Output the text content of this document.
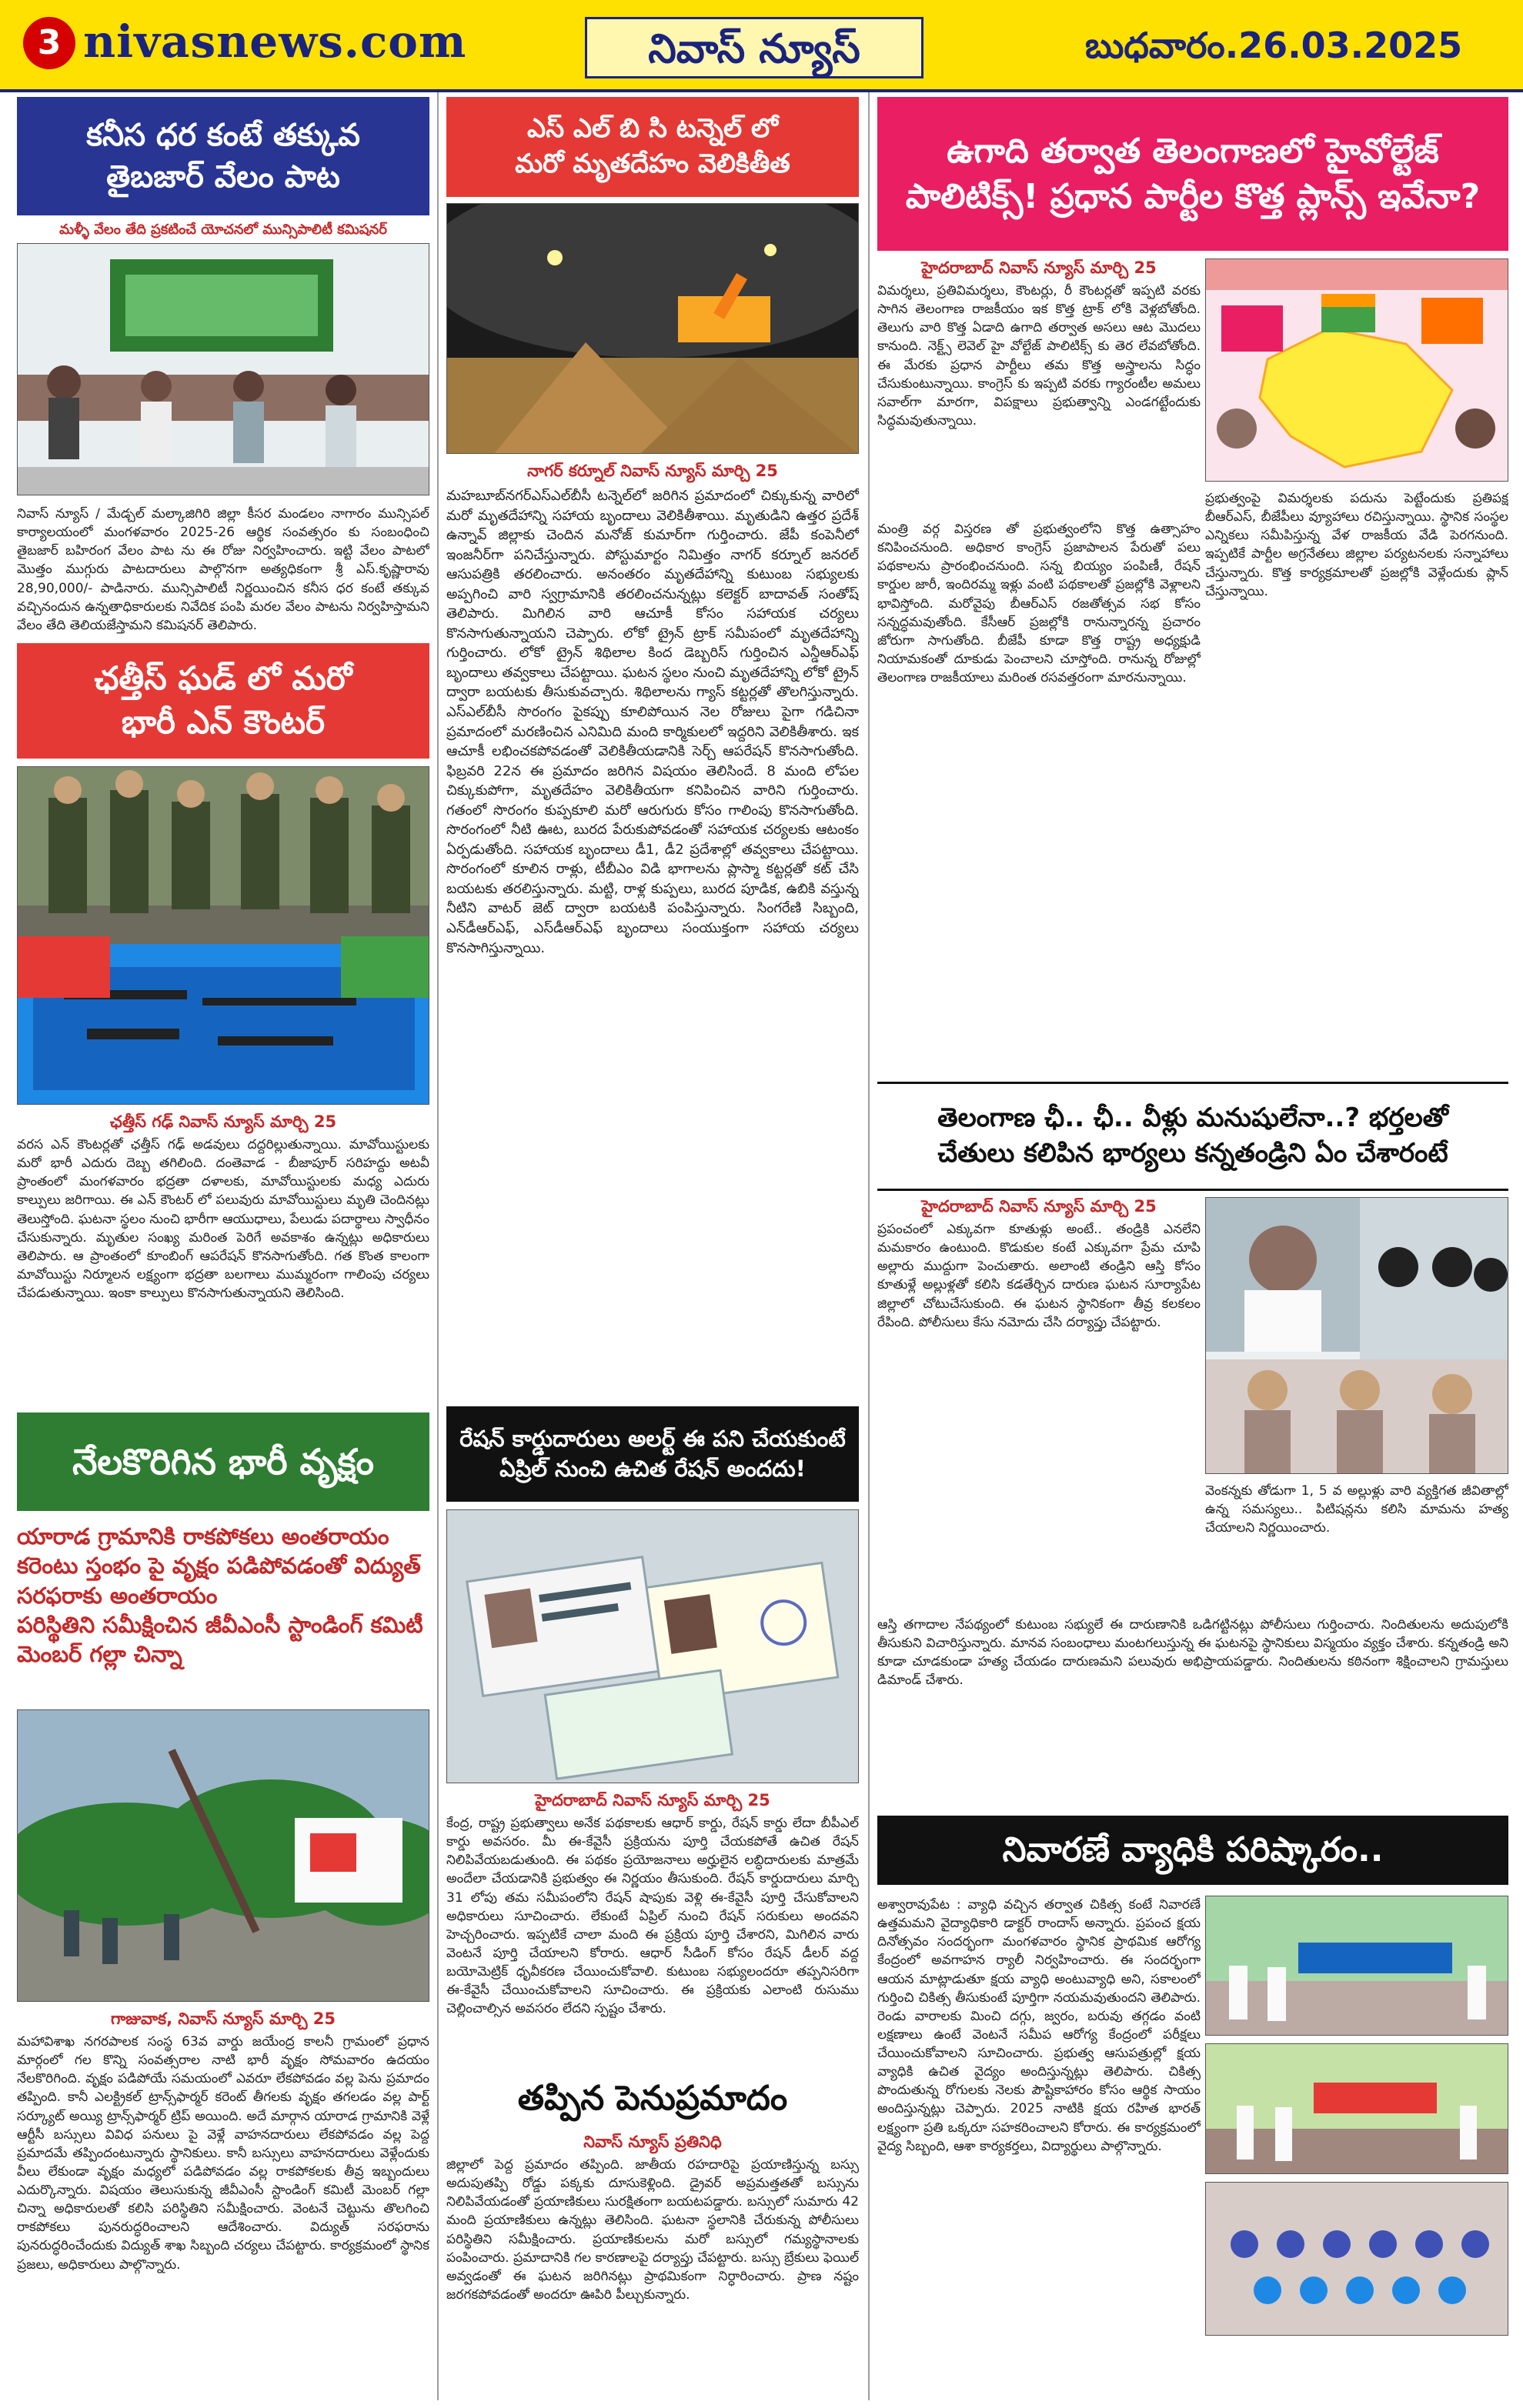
3 nivasnews.com	నివాస్ న్యూస్	బుధవారం.26.03.2025
కనీస ధర కంటే తక్కువ
తైబజార్ వేలం పాట
మళ్ళీ వేలం తేది ప్రకటించే యోచనలో మున్సిపాలిటీ కమిషనర్
నివాస్ న్యూస్ / మేడ్చల్ మల్కాజిగిరి జిల్లా కీసర మండలం నాగారం మున్సిపల్ కార్యాలయంలో మంగళవారం 2025-26 ఆర్థిక సంవత్సరం కు సంబంధించి తైబజార్ బహిరంగ వేలం పాట ను ఈ రోజు నిర్వహించారు. ఇట్టి వేలం పాటలో మొత్తం ముగ్గురు పాటదారులు పాల్గొనగా అత్యధికంగా శ్రీ ఎస్.కృష్ణారావు 28,90,000/- పాడినారు. మున్సిపాలిటీ నిర్ణయించిన కనీస ధర కంటే తక్కువ వచ్చినందున ఉన్నతాధికారులకు నివేదిక పంపి మరల వేలం పాటను నిర్వహిస్తామని వేలం తేది తెలియజేస్తామని కమిషనర్ తెలిపారు.
ఛత్తీస్ ఘడ్ లో మరో
భారీ ఎన్ కౌంటర్
ఛత్తీస్ గఢ్ నివాస్ న్యూస్ మార్చి 25
వరస ఎన్ కౌంటర్లతో ఛత్తీస్ గఢ్ అడవులు దద్దరిల్లుతున్నాయి. మావోయిస్టులకు మరో భారీ ఎదురు దెబ్బ తగిలింది. దంతెవాడ - బీజాపూర్ సరిహద్దు అటవీ ప్రాంతంలో మంగళవారం భద్రతా దళాలకు, మావోయిస్టులకు మధ్య ఎదురు కాల్పులు జరిగాయి. ఈ ఎన్ కౌంటర్ లో పలువురు మావోయిస్టులు మృతి చెందినట్లు తెలుస్తోంది. ఘటనా స్థలం నుంచి భారీగా ఆయుధాలు, పేలుడు పదార్థాలు స్వాధీనం చేసుకున్నారు. మృతుల సంఖ్య మరింత పెరిగే అవకాశం ఉన్నట్లు అధికారులు తెలిపారు. ఆ ప్రాంతంలో కూంబింగ్ ఆపరేషన్ కొనసాగుతోంది. గత కొంత కాలంగా మావోయిస్టు నిర్మూలన లక్ష్యంగా భద్రతా బలగాలు ముమ్మరంగా గాలింపు చర్యలు చేపడుతున్నాయి. ఇంకా కాల్పులు కొనసాగుతున్నాయని తెలిసింది.
నేలకొరిగిన భారీ వృక్షం
యారాడ గ్రామానికి రాకపోకలు అంతరాయం
కరెంటు స్తంభం పై వృక్షం పడిపోవడంతో విద్యుత్ సరఫరాకు అంతరాయం
పరిస్థితిని సమీక్షించిన జీవీఎంసీ స్టాండింగ్ కమిటీ మెంబర్ గల్లా చిన్నా
గాజువాక, నివాస్ న్యూస్ మార్చి 25
మహావిశాఖ నగరపాలక సంస్థ 63వ వార్డు జయేంద్ర కాలనీ గ్రామంలో ప్రధాన మార్గంలో గల కొన్ని సంవత్సరాల నాటి భారీ వృక్షం సోమవారం ఉదయం నేలకొరిగింది. వృక్షం పడిపోయే సమయంలో ఎవరూ లేకపోవడం వల్ల పెను ప్రమాదం తప్పింది. కానీ ఎలక్ట్రికల్ ట్రాన్స్‌ఫార్మర్ కరెంట్ తీగలకు వృక్షం తగలడం వల్ల పార్ట్ సర్క్యూట్ అయ్యి ట్రాన్స్‌ఫార్మర్ ట్రిప్ అయింది. అదే మార్గాన యారాడ గ్రామానికి వెళ్లే ఆర్టీసీ బస్సులు వివిధ పనులు పై వెళ్లే వాహనదారులు లేకపోవడం వల్ల పెద్ద ప్రమాదమే తప్పిందంటున్నారు స్థానికులు. కానీ బస్సులు వాహనదారులు వెళ్లేందుకు వీలు లేకుండా వృక్షం మధ్యలో పడిపోవడం వల్ల రాకపోకలకు తీవ్ర ఇబ్బందులు ఎదుర్కొన్నారు. విషయం తెలుసుకున్న జీవీఎంసీ స్టాండింగ్ కమిటీ మెంబర్ గల్లా చిన్నా అధికారులతో కలిసి పరిస్థితిని సమీక్షించారు. వెంటనే చెట్టును తొలగించి రాకపోకలు పునరుద్ధరించాలని ఆదేశించారు. విద్యుత్ సరఫరాను పునరుద్ధరించేందుకు విద్యుత్ శాఖ సిబ్బంది చర్యలు చేపట్టారు. కార్యక్రమంలో స్థానిక ప్రజలు, అధికారులు పాల్గొన్నారు.
ఎస్ ఎల్ బి సి టన్నెల్ లో
మరో మృతదేహం వెలికితీత
నాగర్ కర్నూల్ నివాస్ న్యూస్ మార్చి 25
మహబూబ్‌నగర్‌ఎస్‌ఎల్‌బీసీ టన్నెల్‌లో జరిగిన ప్రమాదంలో చిక్కుకున్న వారిలో మరో మృతదేహాన్ని సహాయ బృందాలు వెలికితీశాయి. మృతుడిని ఉత్తర ప్రదేశ్ ఉన్నావ్ జిల్లాకు చెందిన మనోజ్ కుమార్‌గా గుర్తించారు. జేపీ కంపెనీలో ఇంజనీర్‌గా పనిచేస్తున్నారు. పోస్టుమార్టం నిమిత్తం నాగర్ కర్నూల్ జనరల్ ఆసుపత్రికి తరలించారు. అనంతరం మృతదేహాన్ని కుటుంబ సభ్యులకు అప్పగించి వారి స్వగ్రామానికి తరలించనున్నట్లు కలెక్టర్ బాదావత్ సంతోష్ తెలిపారు. మిగిలిన వారి ఆచూకీ కోసం సహాయక చర్యలు కొనసాగుతున్నాయని చెప్పారు. లోకో ట్రైన్ ట్రాక్ సమీపంలో మృతదేహాన్ని గుర్తించారు. లోకో ట్రైన్ శిథిలాల కింద డెబ్బరిస్ గుర్తించిన ఎన్డీఆర్ఎఫ్ బృందాలు తవ్వకాలు చేపట్టాయి. ఘటన స్థలం నుంచి మృతదేహాన్ని లోకో ట్రైన్ ద్వారా బయటకు తీసుకువచ్చారు. శిథిలాలను గ్యాస్ కట్టర్లతో తొలగిస్తున్నారు. ఎస్ఎల్‌బీసీ సొరంగం పైకప్పు కూలిపోయిన నెల రోజులు పైగా గడిచినా ప్రమాదంలో మరణించిన ఎనిమిది మంది కార్మికులలో ఇద్దరిని వెలికితీశారు. ఇక ఆచూకీ లభించకపోవడంతో వెలికితీయడానికి సెర్చ్ ఆపరేషన్ కొనసాగుతోంది. ఫిబ్రవరి 22న ఈ ప్రమాదం జరిగిన విషయం తెలిసిందే. 8 మంది లోపల చిక్కుకుపోగా, మృతదేహం వెలికితీయగా కనిపించిన వారిని గుర్తించారు. గతంలో సొరంగం కుప్పకూలి మరో ఆరుగురు కోసం గాలింపు కొనసాగుతోంది. సొరంగంలో నీటి ఊట, బురద పేరుకుపోవడంతో సహాయక చర్యలకు ఆటంకం ఏర్పడుతోంది. సహాయక బృందాలు డీ1, డీ2 ప్రదేశాల్లో తవ్వకాలు చేపట్టాయి. సొరంగంలో కూలిన రాళ్లు, టీబీఎం విడి భాగాలను ప్లాస్మా కట్టర్లతో కట్ చేసి బయటకు తరలిస్తున్నారు. మట్టి, రాళ్ల కుప్పలు, బురద పూడిక, ఉబికి వస్తున్న నీటిని వాటర్ జెట్ ద్వారా బయటకి పంపిస్తున్నారు. సింగరేణి సిబ్బంది, ఎన్‌డీఆర్‌ఎఫ్, ఎస్‌డీఆర్‌ఎఫ్ బృందాలు సంయుక్తంగా సహాయ చర్యలు కొనసాగిస్తున్నాయి.
రేషన్ కార్డుదారులు అలర్ట్ ఈ పని చేయకుంటే
ఏప్రిల్ నుంచి ఉచిత రేషన్ అందదు!
హైదరాబాద్ నివాస్ న్యూస్ మార్చి 25
కేంద్ర, రాష్ట్ర ప్రభుత్వాలు అనేక పథకాలకు ఆధార్ కార్డు, రేషన్ కార్డు లేదా బీపీఎల్ కార్డు అవసరం. మీ ఈ-కేవైసీ ప్రక్రియను పూర్తి చేయకపోతే ఉచిత రేషన్ నిలిపివేయబడుతుంది. ఈ పథకం ప్రయోజనాలు అర్హులైన లబ్ధిదారులకు మాత్రమే అందేలా చేయడానికి ప్రభుత్వం ఈ నిర్ణయం తీసుకుంది. రేషన్ కార్డుదారులు మార్చి 31 లోపు తమ సమీపంలోని రేషన్ షాపుకు వెళ్లి ఈ-కేవైసీ పూర్తి చేసుకోవాలని అధికారులు సూచించారు. లేకుంటే ఏప్రిల్ నుంచి రేషన్ సరుకులు అందవని హెచ్చరించారు. ఇప్పటికే చాలా మంది ఈ ప్రక్రియ పూర్తి చేశారని, మిగిలిన వారు వెంటనే పూర్తి చేయాలని కోరారు. ఆధార్ సీడింగ్ కోసం రేషన్ డీలర్ వద్ద బయోమెట్రిక్ ధృవీకరణ చేయించుకోవాలి. కుటుంబ సభ్యులందరూ తప్పనిసరిగా ఈ-కేవైసీ చేయించుకోవాలని సూచించారు. ఈ ప్రక్రియకు ఎలాంటి రుసుము చెల్లించాల్సిన అవసరం లేదని స్పష్టం చేశారు.
తప్పిన పెనుప్రమాదం
నివాస్ న్యూస్ ప్రతినిధి
జిల్లాలో పెద్ద ప్రమాదం తప్పింది. జాతీయ రహదారిపై ప్రయాణిస్తున్న బస్సు అదుపుతప్పి రోడ్డు పక్కకు దూసుకెళ్లింది. డ్రైవర్ అప్రమత్తతతో బస్సును నిలిపివేయడంతో ప్రయాణికులు సురక్షితంగా బయటపడ్డారు. బస్సులో సుమారు 42 మంది ప్రయాణికులు ఉన్నట్లు తెలిసింది. ఘటనా స్థలానికి చేరుకున్న పోలీసులు పరిస్థితిని సమీక్షించారు. ప్రయాణికులను మరో బస్సులో గమ్యస్థానాలకు పంపించారు. ప్రమాదానికి గల కారణాలపై దర్యాప్తు చేపట్టారు. బస్సు బ్రేకులు ఫెయిల్ అవ్వడంతో ఈ ఘటన జరిగినట్లు ప్రాథమికంగా నిర్ధారించారు. ప్రాణ నష్టం జరగకపోవడంతో అందరూ ఊపిరి పీల్చుకున్నారు.
ఉగాది తర్వాత తెలంగాణలో హైవోల్టేజ్
పాలిటిక్స్! ప్రధాన పార్టీల కొత్త ప్లాన్స్ ఇవేనా?
హైదరాబాద్ నివాస్ న్యూస్ మార్చి 25
విమర్శలు, ప్రతివిమర్శలు, కౌంటర్లు, రీ కౌంటర్లతో ఇప్పటి వరకు సాగిన తెలంగాణ రాజకీయం ఇక కొత్త ట్రాక్ లోకి వెళ్లబోతోంది. తెలుగు వారి కొత్త ఏడాది ఉగాది తర్వాత అసలు ఆట మొదలు కానుంది. నెక్ట్స్ లెవెల్ హై వోల్టేజ్ పాలిటిక్స్ కు తెర లేవబోతోంది. ఈ మేరకు ప్రధాన పార్టీలు తమ కొత్త అస్త్రాలను సిద్ధం చేసుకుంటున్నాయి. కాంగ్రెస్ కు ఇప్పటి వరకు గ్యారంటీల అమలు సవాల్‌గా మారగా, విపక్షాలు ప్రభుత్వాన్ని ఎండగట్టేందుకు సిద్ధమవుతున్నాయి.
ప్రభుత్వంపై విమర్శలకు పదును పెట్టేందుకు ప్రతిపక్ష బీఆర్ఎస్, బీజేపీలు వ్యూహాలు రచిస్తున్నాయి. స్థానిక సంస్థల ఎన్నికలు సమీపిస్తున్న వేళ రాజకీయ వేడి పెరగనుంది. ఇప్పటికే పార్టీల అగ్రనేతలు జిల్లాల పర్యటనలకు సన్నాహాలు చేస్తున్నారు. కొత్త కార్యక్రమాలతో ప్రజల్లోకి వెళ్లేందుకు ప్లాన్ చేస్తున్నాయి.
మంత్రి వర్గ విస్తరణ తో ప్రభుత్వంలోని కొత్త ఉత్సాహం కనిపించనుంది. అధికార కాంగ్రెస్ ప్రజాపాలన పేరుతో పలు పథకాలను ప్రారంభించనుంది. సన్న బియ్యం పంపిణీ, రేషన్ కార్డుల జారీ, ఇందిరమ్మ ఇళ్లు వంటి పథకాలతో ప్రజల్లోకి వెళ్లాలని భావిస్తోంది. మరోవైపు బీఆర్ఎస్ రజతోత్సవ సభ కోసం సన్నద్ధమవుతోంది. కేసీఆర్ ప్రజల్లోకి రానున్నారన్న ప్రచారం జోరుగా సాగుతోంది. బీజేపీ కూడా కొత్త రాష్ట్ర అధ్యక్షుడి నియామకంతో దూకుడు పెంచాలని చూస్తోంది. రానున్న రోజుల్లో తెలంగాణ రాజకీయాలు మరింత రసవత్తరంగా మారనున్నాయి.
తెలంగాణ ఛీ.. ఛీ.. వీళ్లు మనుషులేనా..? భర్తలతో
చేతులు కలిపిన భార్యలు కన్నతండ్రిని ఏం చేశారంటే
హైదరాబాద్ నివాస్ న్యూస్ మార్చి 25
ప్రపంచంలో ఎక్కువగా కూతుళ్లు అంటే.. తండ్రికి ఎనలేని మమకారం ఉంటుంది. కొడుకుల కంటే ఎక్కువగా ప్రేమ చూపి అల్లారు ముద్దుగా పెంచుతారు. అలాంటి తండ్రిని ఆస్తి కోసం కూతుళ్లే అల్లుళ్లతో కలిసి కడతేర్చిన దారుణ ఘటన సూర్యాపేట జిల్లాలో చోటుచేసుకుంది. ఈ ఘటన స్థానికంగా తీవ్ర కలకలం రేపింది. పోలీసులు కేసు నమోదు చేసి దర్యాప్తు చేపట్టారు.
వెంకన్నకు తోడుగా 1, 5 వ అల్లుళ్లు వారి వ్యక్తిగత జీవితాల్లో ఉన్న సమస్యలు.. పిటిషన్లను కలిసి మామను హత్య చేయాలని నిర్ణయించారు.
ఆస్తి తగాదాల నేపథ్యంలో కుటుంబ సభ్యులే ఈ దారుణానికి ఒడిగట్టినట్లు పోలీసులు గుర్తించారు. నిందితులను అదుపులోకి తీసుకుని విచారిస్తున్నారు. మానవ సంబంధాలు మంటగలుస్తున్న ఈ ఘటనపై స్థానికులు విస్మయం వ్యక్తం చేశారు. కన్నతండ్రి అని కూడా చూడకుండా హత్య చేయడం దారుణమని పలువురు అభిప్రాయపడ్డారు. నిందితులను కఠినంగా శిక్షించాలని గ్రామస్తులు డిమాండ్ చేశారు.
నివారణే వ్యాధికి పరిష్కారం..
అశ్వారావుపేట : వ్యాధి వచ్చిన తర్వాత చికిత్స కంటే నివారణే ఉత్తమమని వైద్యాధికారి డాక్టర్ రాందాస్ అన్నారు. ప్రపంచ క్షయ దినోత్సవం సందర్భంగా మంగళవారం స్థానిక ప్రాథమిక ఆరోగ్య కేంద్రంలో అవగాహన ర్యాలీ నిర్వహించారు. ఈ సందర్భంగా ఆయన మాట్లాడుతూ క్షయ వ్యాధి అంటువ్యాధి అని, సకాలంలో గుర్తించి చికిత్స తీసుకుంటే పూర్తిగా నయమవుతుందని తెలిపారు. రెండు వారాలకు మించి దగ్గు, జ్వరం, బరువు తగ్గడం వంటి లక్షణాలు ఉంటే వెంటనే సమీప ఆరోగ్య కేంద్రంలో పరీక్షలు చేయించుకోవాలని సూచించారు. ప్రభుత్వ ఆసుపత్రుల్లో క్షయ వ్యాధికి ఉచిత వైద్యం అందిస్తున్నట్లు తెలిపారు. చికిత్స పొందుతున్న రోగులకు నెలకు పౌష్టికాహారం కోసం ఆర్థిక సాయం అందిస్తున్నట్లు చెప్పారు. 2025 నాటికి క్షయ రహిత భారత్ లక్ష్యంగా ప్రతి ఒక్కరూ సహకరించాలని కోరారు. ఈ కార్యక్రమంలో వైద్య సిబ్బంది, ఆశా కార్యకర్తలు, విద్యార్థులు పాల్గొన్నారు.
